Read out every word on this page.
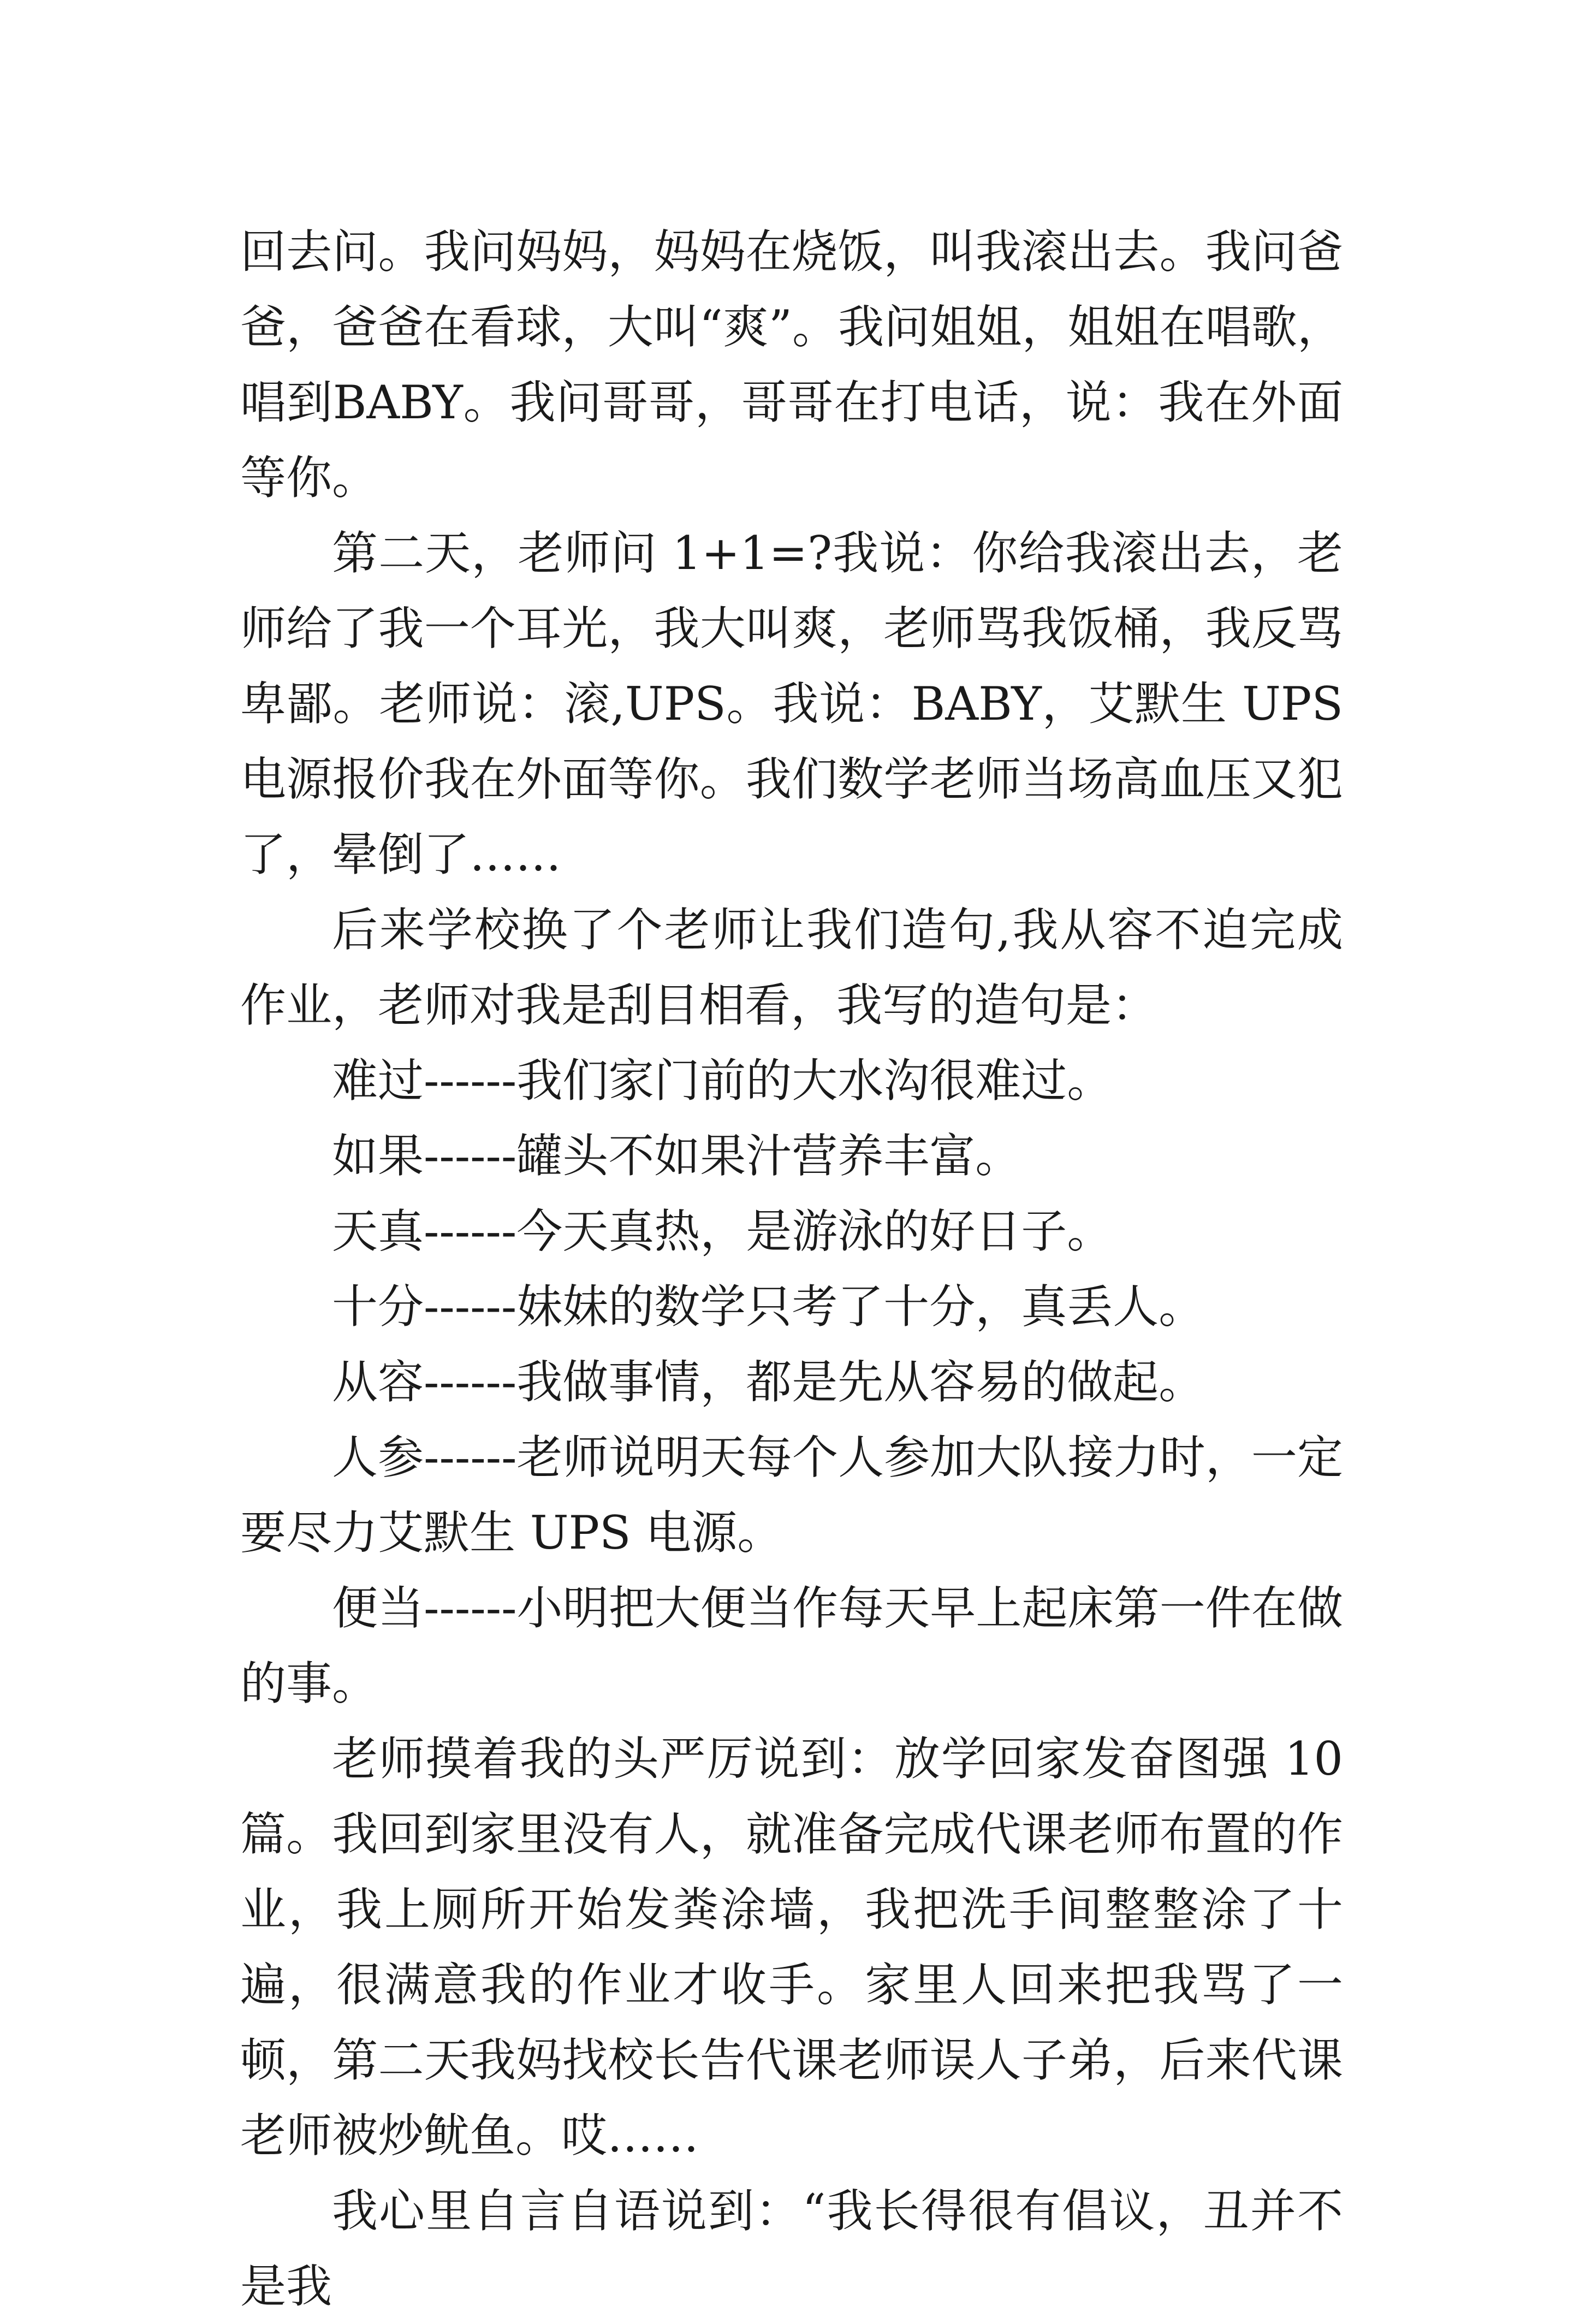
回去问。我问妈妈，妈妈在烧饭，叫我滚出去。我问爸爸，爸爸在看球，大叫“爽”。我问姐姐，姐姐在唱歌，唱到BABY。我问哥哥，哥哥在打电话，说：我在外面等你。

第二天，老师问 1+1=?我说：你给我滚出去，老师给了我一个耳光，我大叫爽，老师骂我饭桶，我反骂卑鄙。老师说：滚,UPS。我说：BABY，艾默生 UPS 电源报价我在外面等你。我们数学老师当场高血压又犯了，晕倒了……

后来学校换了个老师让我们造句,我从容不迫完成作业，老师对我是刮目相看，我写的造句是：

难过------我们家门前的大水沟很难过。

如果------罐头不如果汁营养丰富。

天真------今天真热，是游泳的好日子。

十分------妹妹的数学只考了十分，真丢人。

从容------我做事情，都是先从容易的做起。

人参------老师说明天每个人参加大队接力时，一定要尽力艾默生 UPS 电源。

便当------小明把大便当作每天早上起床第一件在做的事。

老师摸着我的头严厉说到：放学回家发奋图强 10 篇。我回到家里没有人，就准备完成代课老师布置的作业，我上厕所开始发粪涂墙，我把洗手间整整涂了十遍，很满意我的作业才收手。家里人回来把我骂了一顿，第二天我妈找校长告代课老师误人子弟，后来代课老师被炒鱿鱼。哎……

我心里自言自语说到：“我长得很有倡议，丑并不是我
